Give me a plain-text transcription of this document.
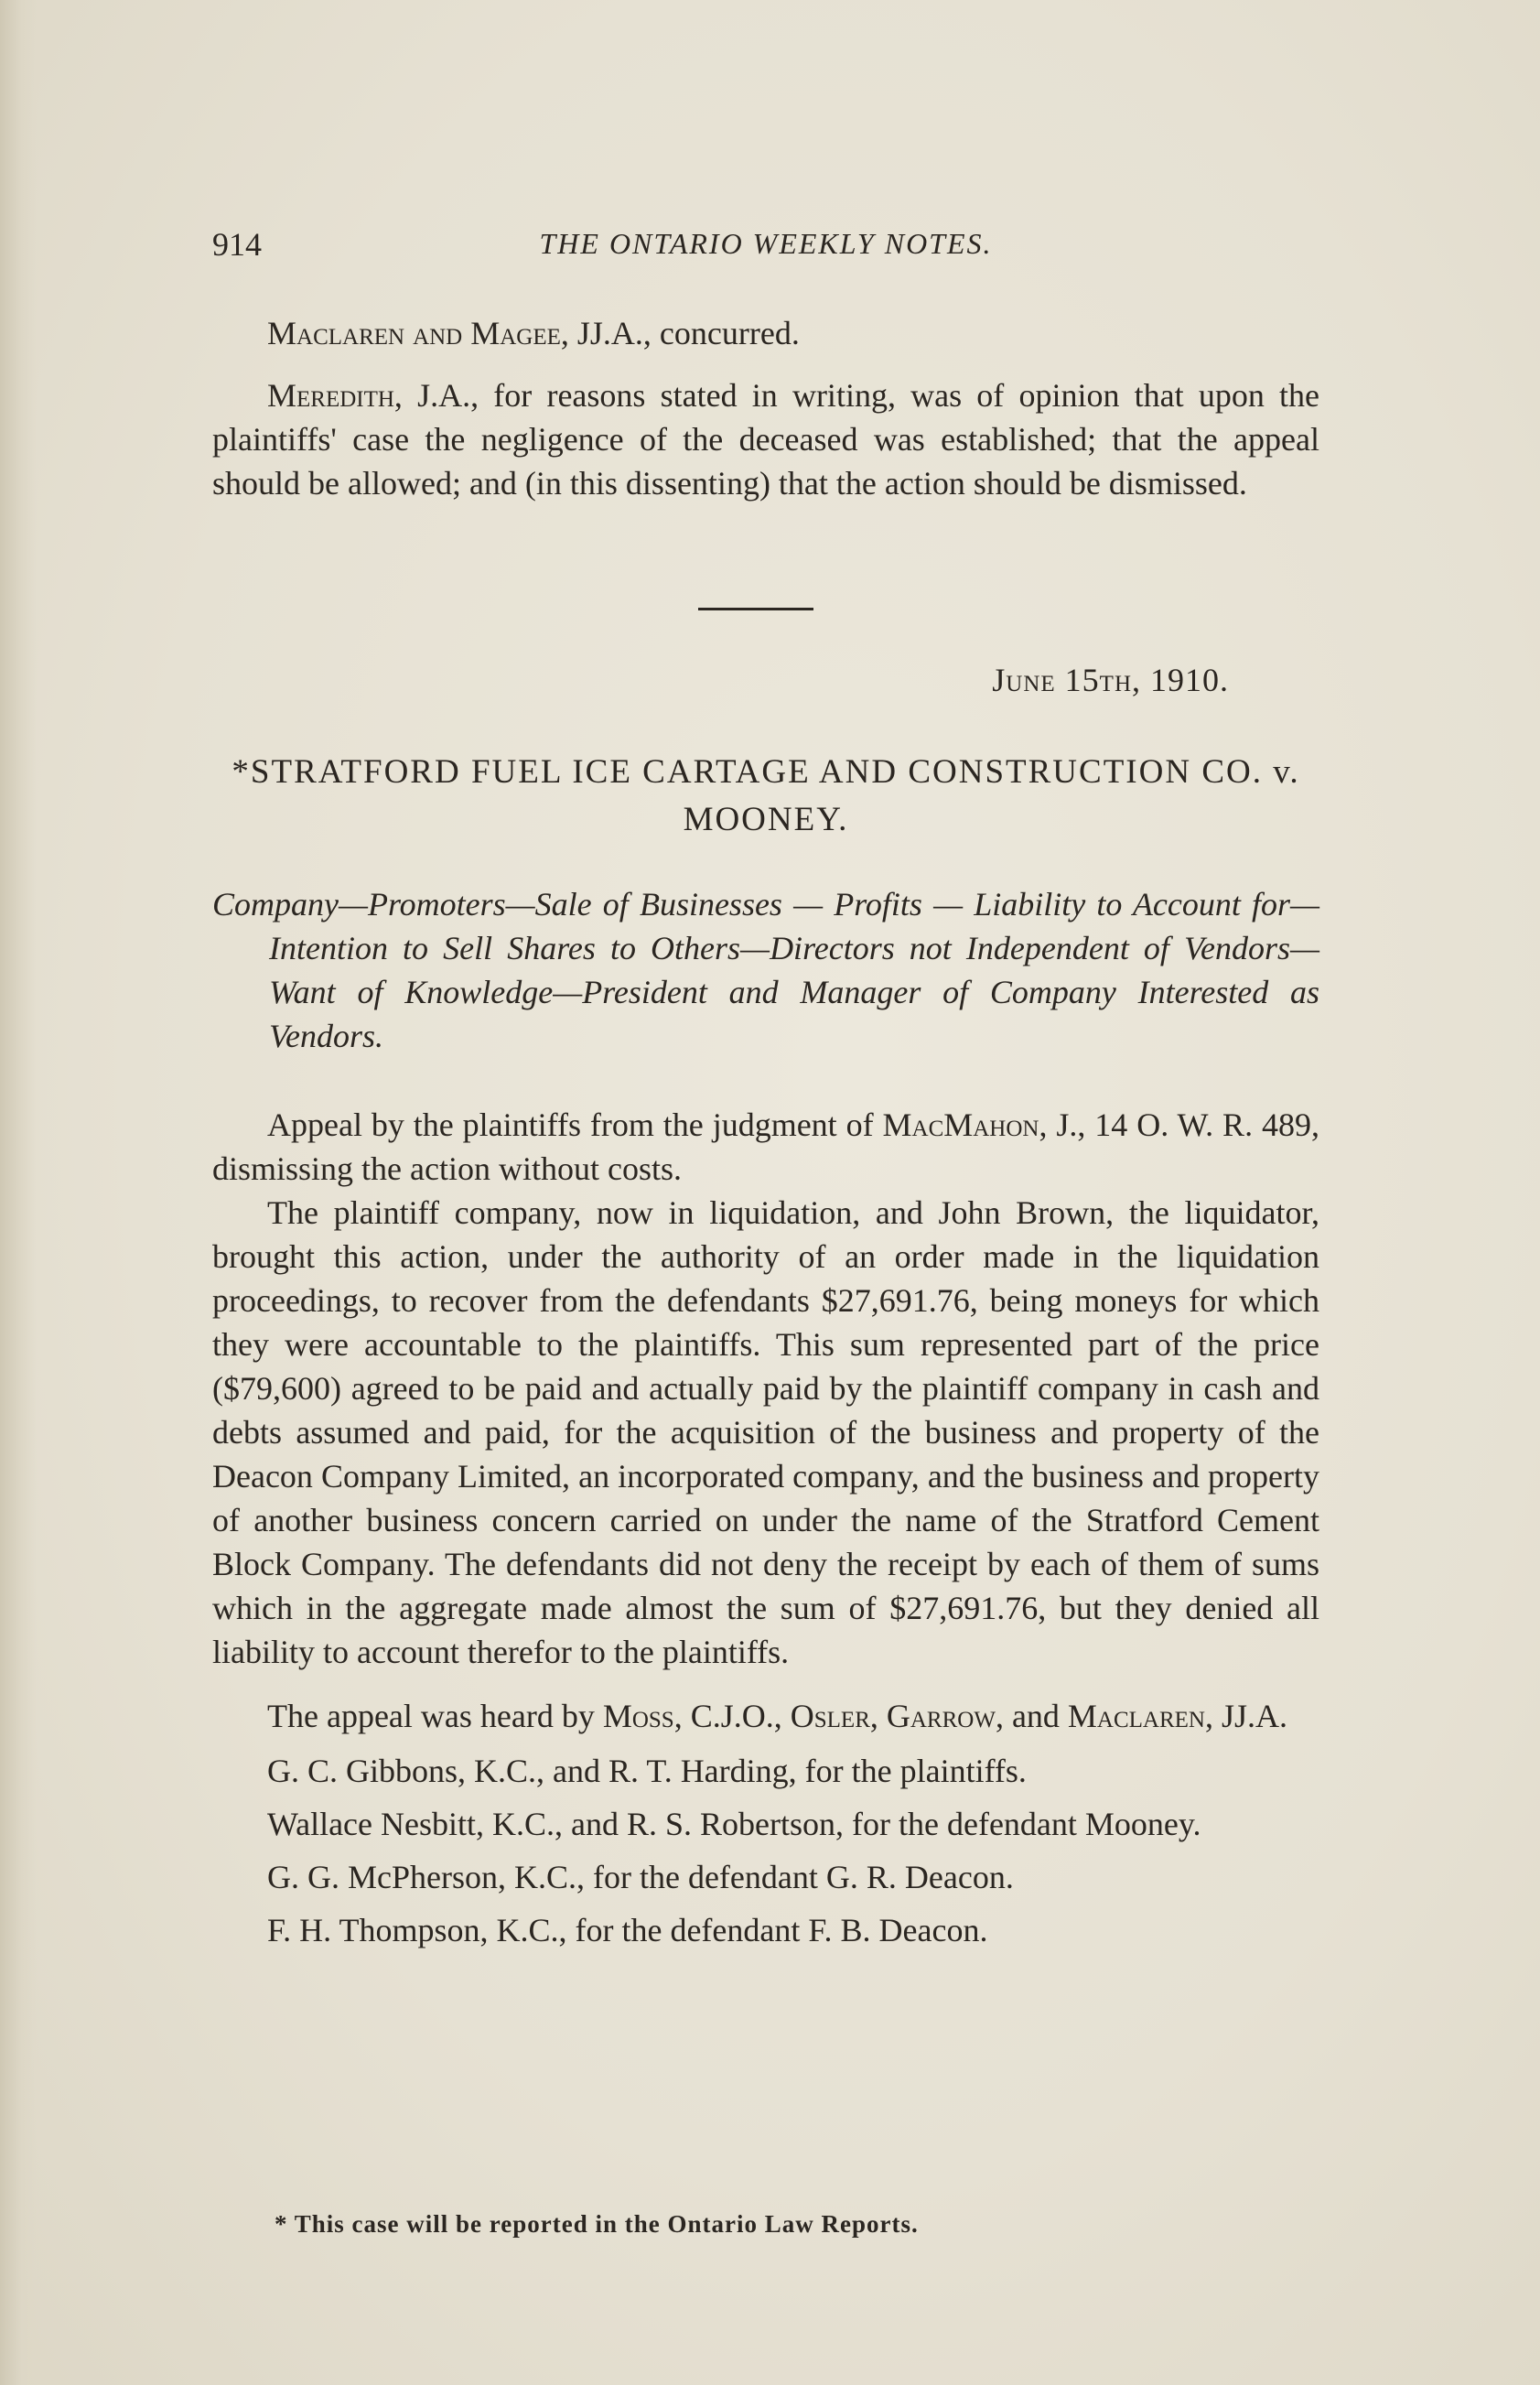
914	THE ONTARIO WEEKLY NOTES.

Maclaren and Magee, JJ.A., concurred.

Meredith, J.A., for reasons stated in writing, was of opinion that upon the plaintiffs' case the negligence of the deceased was established; that the appeal should be allowed; and (in this dissenting) that the action should be dismissed.

June 15th, 1910.
*STRATFORD FUEL ICE CARTAGE AND CONSTRUCTION CO. v. MOONEY.
Company—Promoters—Sale of Businesses — Profits — Liability to Account for—Intention to Sell Shares to Others—Directors not Independent of Vendors—Want of Knowledge—President and Manager of Company Interested as Vendors.

Appeal by the plaintiffs from the judgment of MacMahon, J., 14 O. W. R. 489, dismissing the action without costs.

The plaintiff company, now in liquidation, and John Brown, the liquidator, brought this action, under the authority of an order made in the liquidation proceedings, to recover from the defendants $27,691.76, being moneys for which they were accountable to the plaintiffs. This sum represented part of the price ($79,600) agreed to be paid and actually paid by the plaintiff company in cash and debts assumed and paid, for the acquisition of the business and property of the Deacon Company Limited, an incorporated company, and the business and property of another business concern carried on under the name of the Stratford Cement Block Company. The defendants did not deny the receipt by each of them of sums which in the aggregate made almost the sum of $27,691.76, but they denied all liability to account therefor to the plaintiffs.

The appeal was heard by Moss, C.J.O., Osler, Garrow, and Maclaren, JJ.A.

G. C. Gibbons, K.C., and R. T. Harding, for the plaintiffs.

Wallace Nesbitt, K.C., and R. S. Robertson, for the defendant Mooney.

G. G. McPherson, K.C., for the defendant G. R. Deacon.

F. H. Thompson, K.C., for the defendant F. B. Deacon.

* This case will be reported in the Ontario Law Reports.
